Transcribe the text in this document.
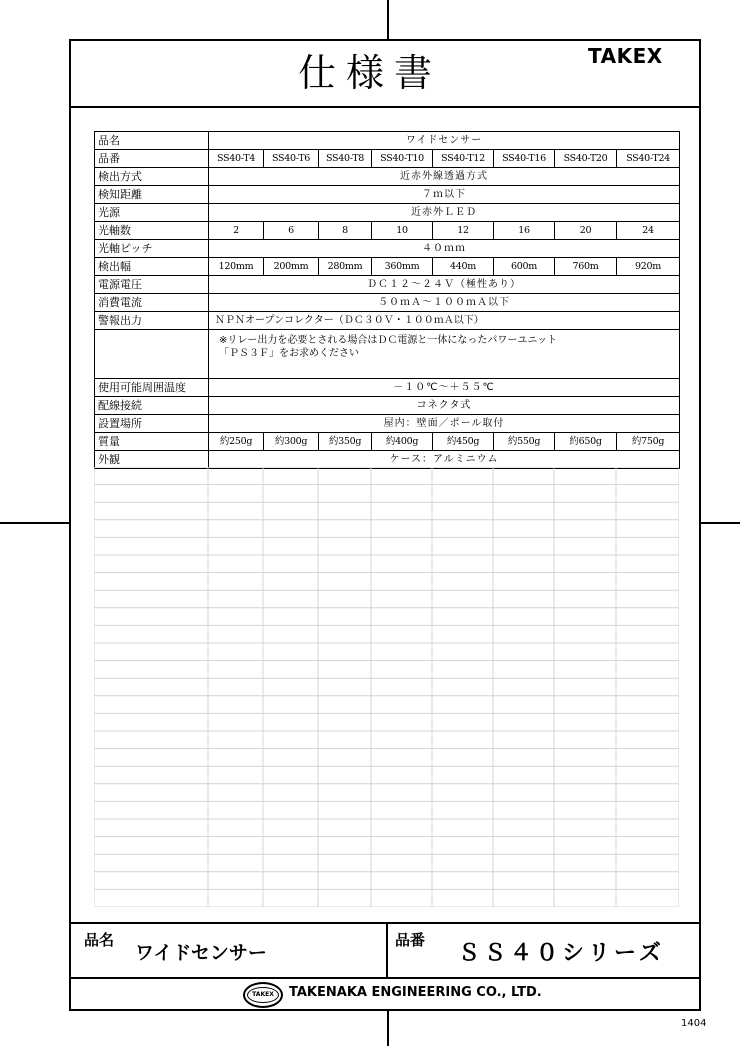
仕様書	TAKEX
品名	ワイドセンサー							
品番	SS40-T4	SS40-T6	SS40-T8	SS40-T10	SS40-T12	SS40-T16	SS40-T20	SS40-T24
検出方式	近赤外線透過方式							
検知距離	７ｍ以下							
光源	近赤外ＬＥＤ							
光軸数	2	6	8	10	12	16	20	24
光軸ピッチ	４０ｍｍ							
検出幅	120mm	200mm	280mm	360mm	440m	600m	760m	920m
電源電圧	ＤＣ１２～２４Ｖ（極性あり）							
消費電流	５０ｍＡ～１００ｍＡ以下							
警報出力	ＮＰＮオープンコレクター（ＤＣ３０Ｖ・１００ｍＡ以下）							

	※リレー出力を必要とされる場合はＤＣ電源と一体になったパワーユニット
「ＰＳ３Ｆ」をお求めください							

使用可能周囲温度	－１０℃～＋５５℃							
配線接続	コネクタ式							
設置場所	屋内：壁面／ポール取付							
質量	約250g	約300g	約350g	約400g	約450g	約550g	約650g	約750g
外観	ケース：アルミニウム							
品名
ワイドセンサー
品番
ＳＳ４０シリーズ
TAKEX	TAKENAKA ENGINEERING CO., LTD.
1404
